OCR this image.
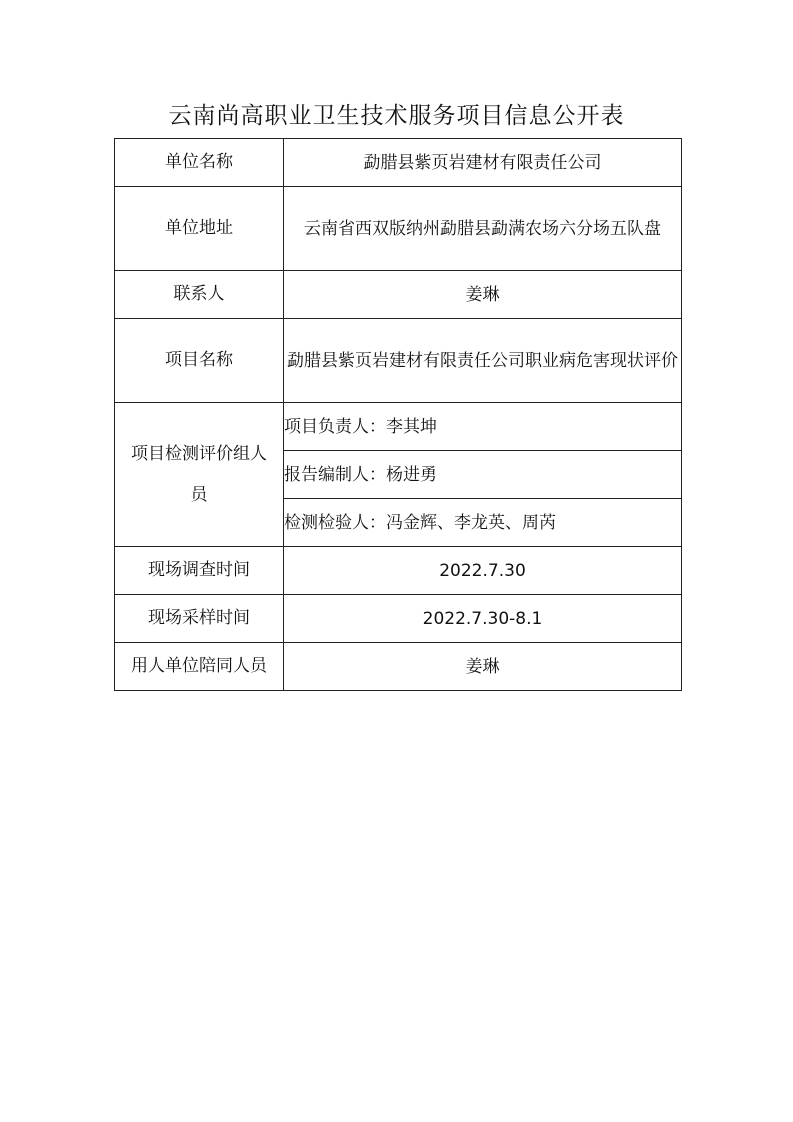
云南尚高职业卫生技术服务项目信息公开表
单位名称	勐腊县紫页岩建材有限责任公司
单位地址	云南省西双版纳州勐腊县勐满农场六分场五队盘
联系人	姜琳
项目名称	勐腊县紫页岩建材有限责任公司职业病危害现状评价
项目检测评价组人员	项目负责人：李其坤
	报告编制人：杨进勇
	检测检验人：冯金辉、李龙英、周芮
现场调查时间	2022.7.30
现场采样时间	2022.7.30-8.1
用人单位陪同人员	姜琳
